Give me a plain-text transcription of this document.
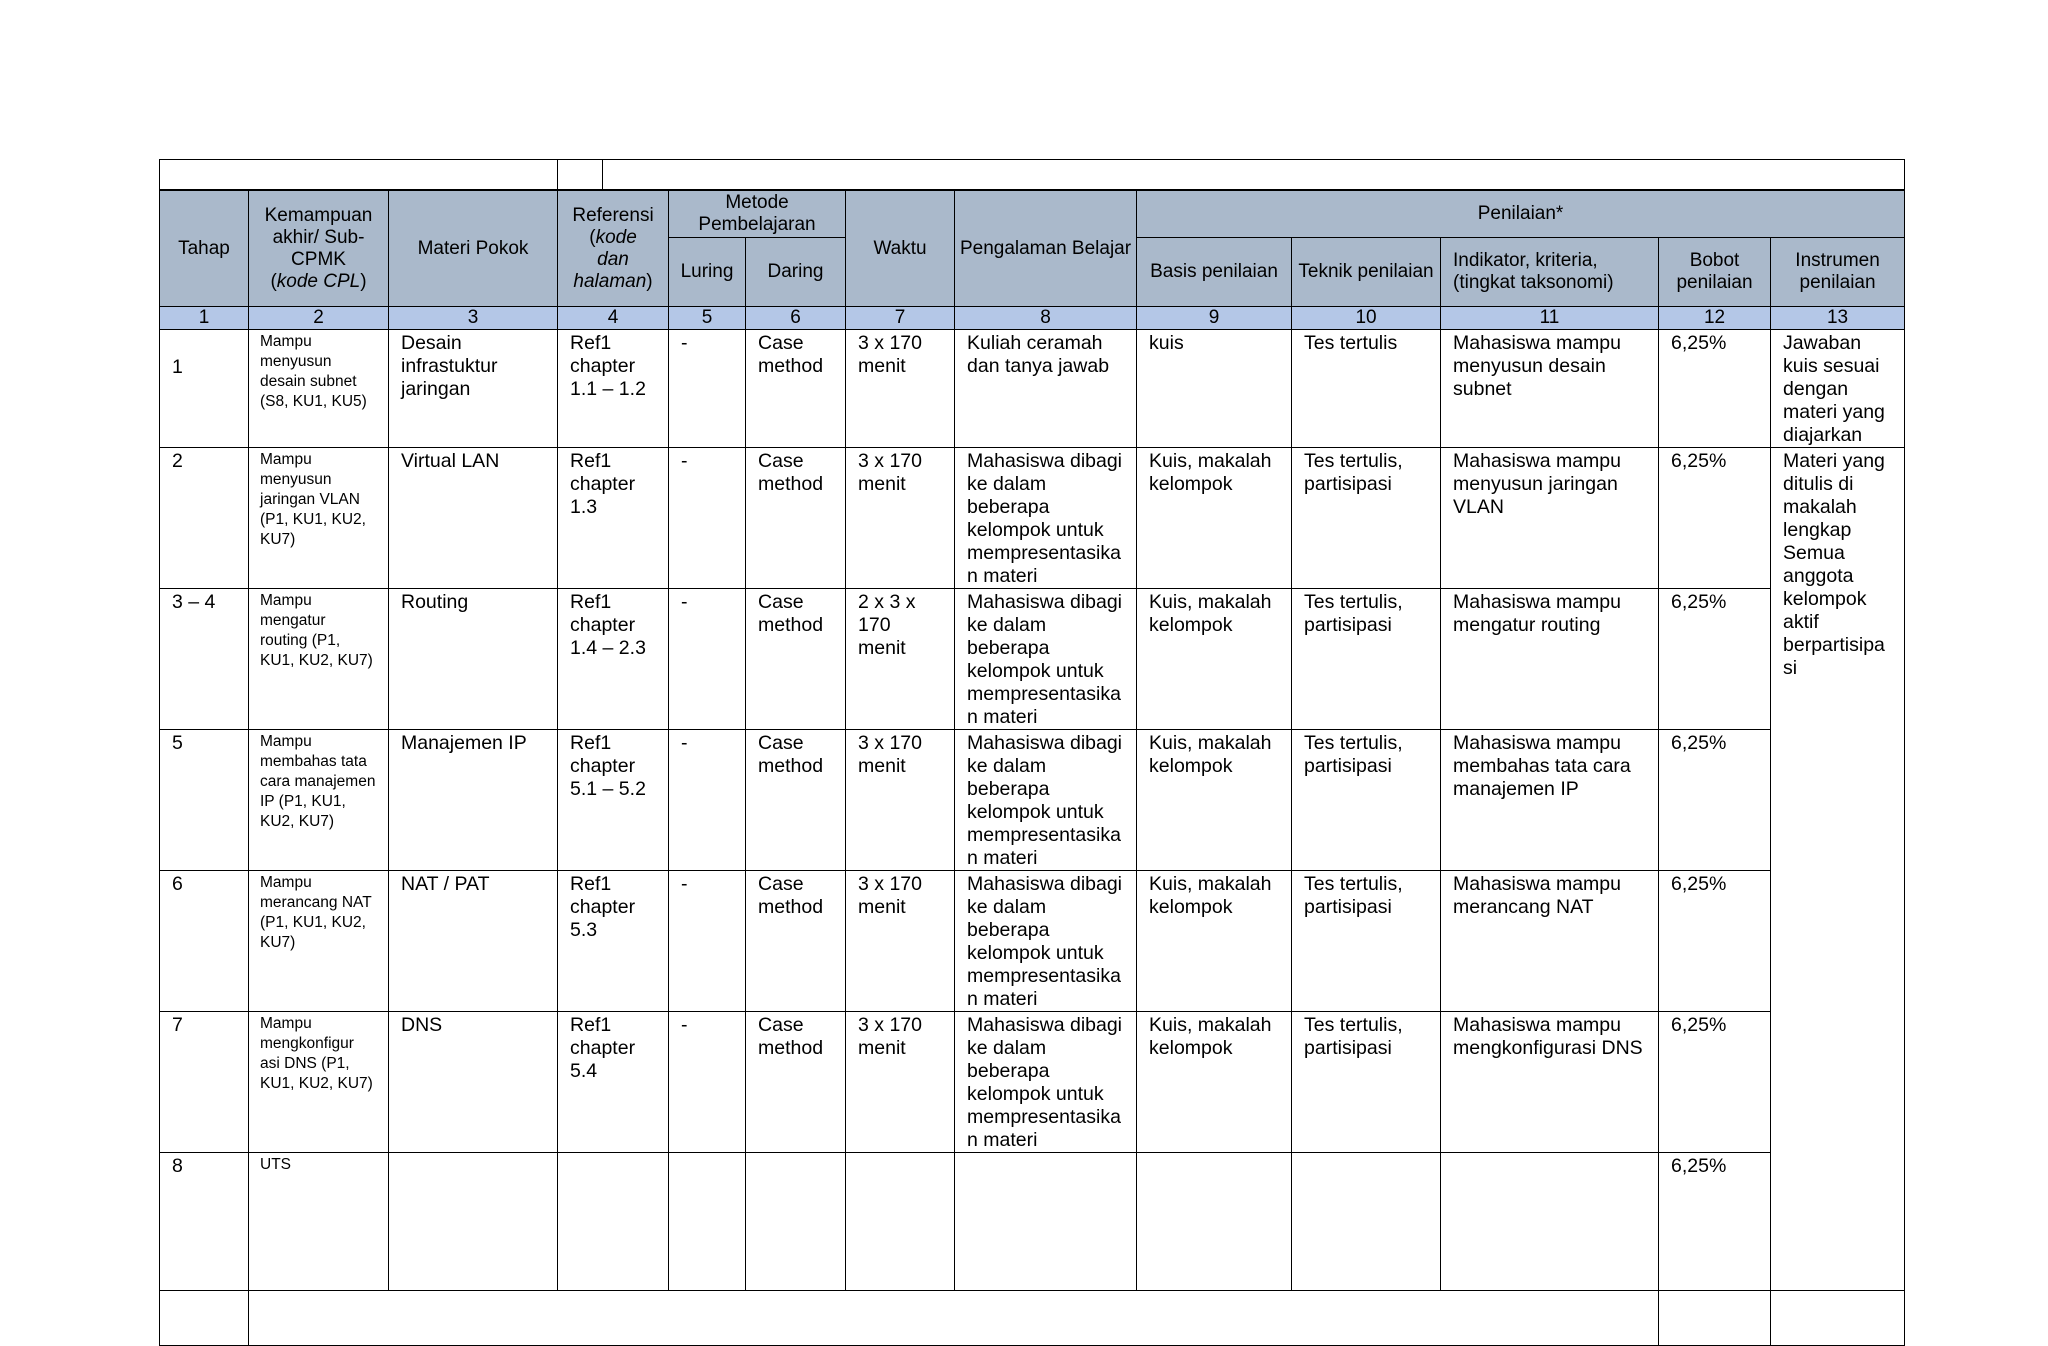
Tahap	Kemampuan
akhir/ Sub-
CPMK
(kode CPL)	Materi Pokok	Referensi
(kode
dan
halaman)	Metode Pembelajaran		Waktu	Pengalaman Belajar	Penilaian*				
				Luring	Daring			Basis penilaian	Teknik penilaian	Indikator, kriteria, (tingkat taksonomi)	Bobot penilaian	Instrumen penilaian
1	2	3	4	5	6	7	8	9	10	11	12	13
1	Mampu menyusun desain subnet (S8, KU1, KU5)	Desain infrastuktur jaringan	Ref1 chapter 1.1 – 1.2	-	Case method	3 x 170 menit	Kuliah ceramah dan tanya jawab	kuis	Tes tertulis	Mahasiswa mampu menyusun desain subnet	6,25%	Jawaban kuis sesuai dengan materi yang diajarkan
2	Mampu menyusun jaringan VLAN (P1, KU1, KU2, KU7)	Virtual LAN	Ref1 chapter 1.3	-	Case method	3 x 170 menit	Mahasiswa dibagi ke dalam beberapa kelompok untuk mempresentasika n materi	Kuis, makalah kelompok	Tes tertulis, partisipasi	Mahasiswa mampu menyusun jaringan VLAN	6,25%	Materi yang ditulis di makalah lengkap Semua anggota kelompok aktif berpartisipa si
3 – 4	Mampu mengatur routing (P1, KU1, KU2, KU7)	Routing	Ref1 chapter 1.4 – 2.3	-	Case method	2 x 3 x 170 menit	Mahasiswa dibagi ke dalam beberapa kelompok untuk mempresentasika n materi	Kuis, makalah kelompok	Tes tertulis, partisipasi	Mahasiswa mampu mengatur routing	6,25%	
5	Mampu membahas tata cara manajemen IP (P1, KU1, KU2, KU7)	Manajemen IP	Ref1 chapter 5.1 – 5.2	-	Case method	3 x 170 menit	Mahasiswa dibagi ke dalam beberapa kelompok untuk mempresentasika n materi	Kuis, makalah kelompok	Tes tertulis, partisipasi	Mahasiswa mampu membahas tata cara manajemen IP	6,25%	
6	Mampu merancang NAT (P1, KU1, KU2, KU7)	NAT / PAT	Ref1 chapter 5.3	-	Case method	3 x 170 menit	Mahasiswa dibagi ke dalam beberapa kelompok untuk mempresentasika n materi	Kuis, makalah kelompok	Tes tertulis, partisipasi	Mahasiswa mampu merancang NAT	6,25%	
7	Mampu mengkonfigur asi DNS (P1, KU1, KU2, KU7)	DNS	Ref1 chapter 5.4	-	Case method	3 x 170 menit	Mahasiswa dibagi ke dalam beberapa kelompok untuk mempresentasika n materi	Kuis, makalah kelompok	Tes tertulis, partisipasi	Mahasiswa mampu mengkonfigurasi DNS	6,25%	
8	UTS										6,25%	
